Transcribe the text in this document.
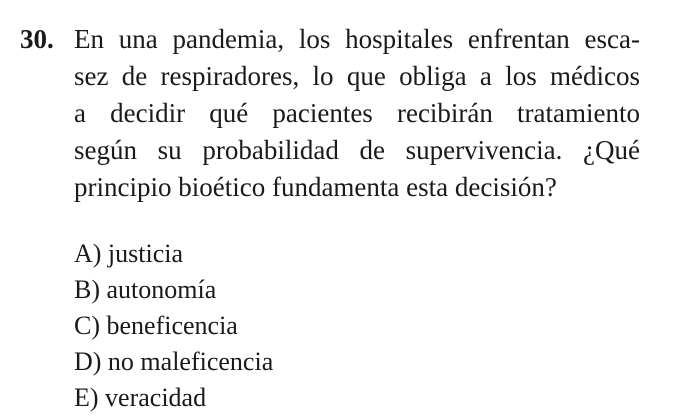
30. En una pandemia, los hospitales enfrentan esca-
sez de respiradores, lo que obliga a los médicos
a decidir qué pacientes recibirán tratamiento
según su probabilidad de supervivencia. ¿Qué
principio bioético fundamenta esta decisión?
A) justicia
B) autonomía
C) beneficencia
D) no maleficencia
E) veracidad
